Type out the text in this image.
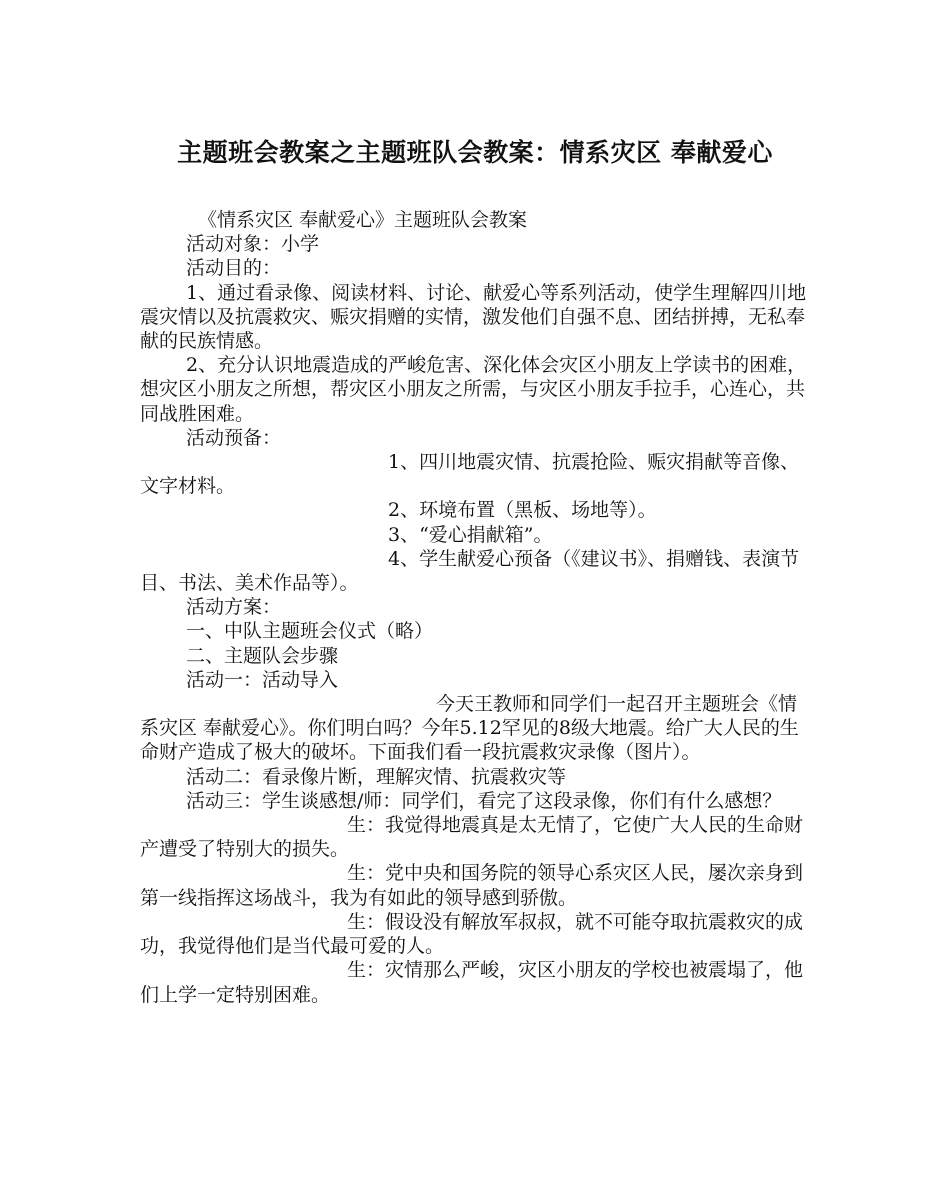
主题班会教案之主题班队会教案：情系灾区 奉献爱心

《情系灾区 奉献爱心》主题班队会教案

活动对象：小学

活动目的：

1、通过看录像、阅读材料、讨论、献爱心等系列活动，使学生理解四川地震灾情以及抗震救灾、赈灾捐赠的实情，激发他们自强不息、团结拼搏，无私奉献的民族情感。

2、充分认识地震造成的严峻危害、深化体会灾区小朋友上学读书的困难，想灾区小朋友之所想，帮灾区小朋友之所需，与灾区小朋友手拉手，心连心，共同战胜困难。

活动预备：

1、四川地震灾情、抗震抢险、赈灾捐献等音像、文字材料。

2、环境布置（黑板、场地等）。

3、“爱心捐献箱”。

4、学生献爱心预备（《建议书》、捐赠钱、表演节目、书法、美术作品等）。

活动方案：

一、中队主题班会仪式（略）

二、主题队会步骤

活动一：活动导入

今天王教师和同学们一起召开主题班会《情系灾区 奉献爱心》。你们明白吗？今年5.12罕见的8级大地震。给广大人民的生命财产造成了极大的破坏。下面我们看一段抗震救灾录像（图片）。

活动二：看录像片断，理解灾情、抗震救灾等

活动三：学生谈感想/师：同学们，看完了这段录像，你们有什么感想？

生：我觉得地震真是太无情了，它使广大人民的生命财产遭受了特别大的损失。

生：党中央和国务院的领导心系灾区人民，屡次亲身到第一线指挥这场战斗，我为有如此的领导感到骄傲。

生：假设没有解放军叔叔，就不可能夺取抗震救灾的成功，我觉得他们是当代最可爱的人。

生：灾情那么严峻，灾区小朋友的学校也被震塌了，他们上学一定特别困难。
